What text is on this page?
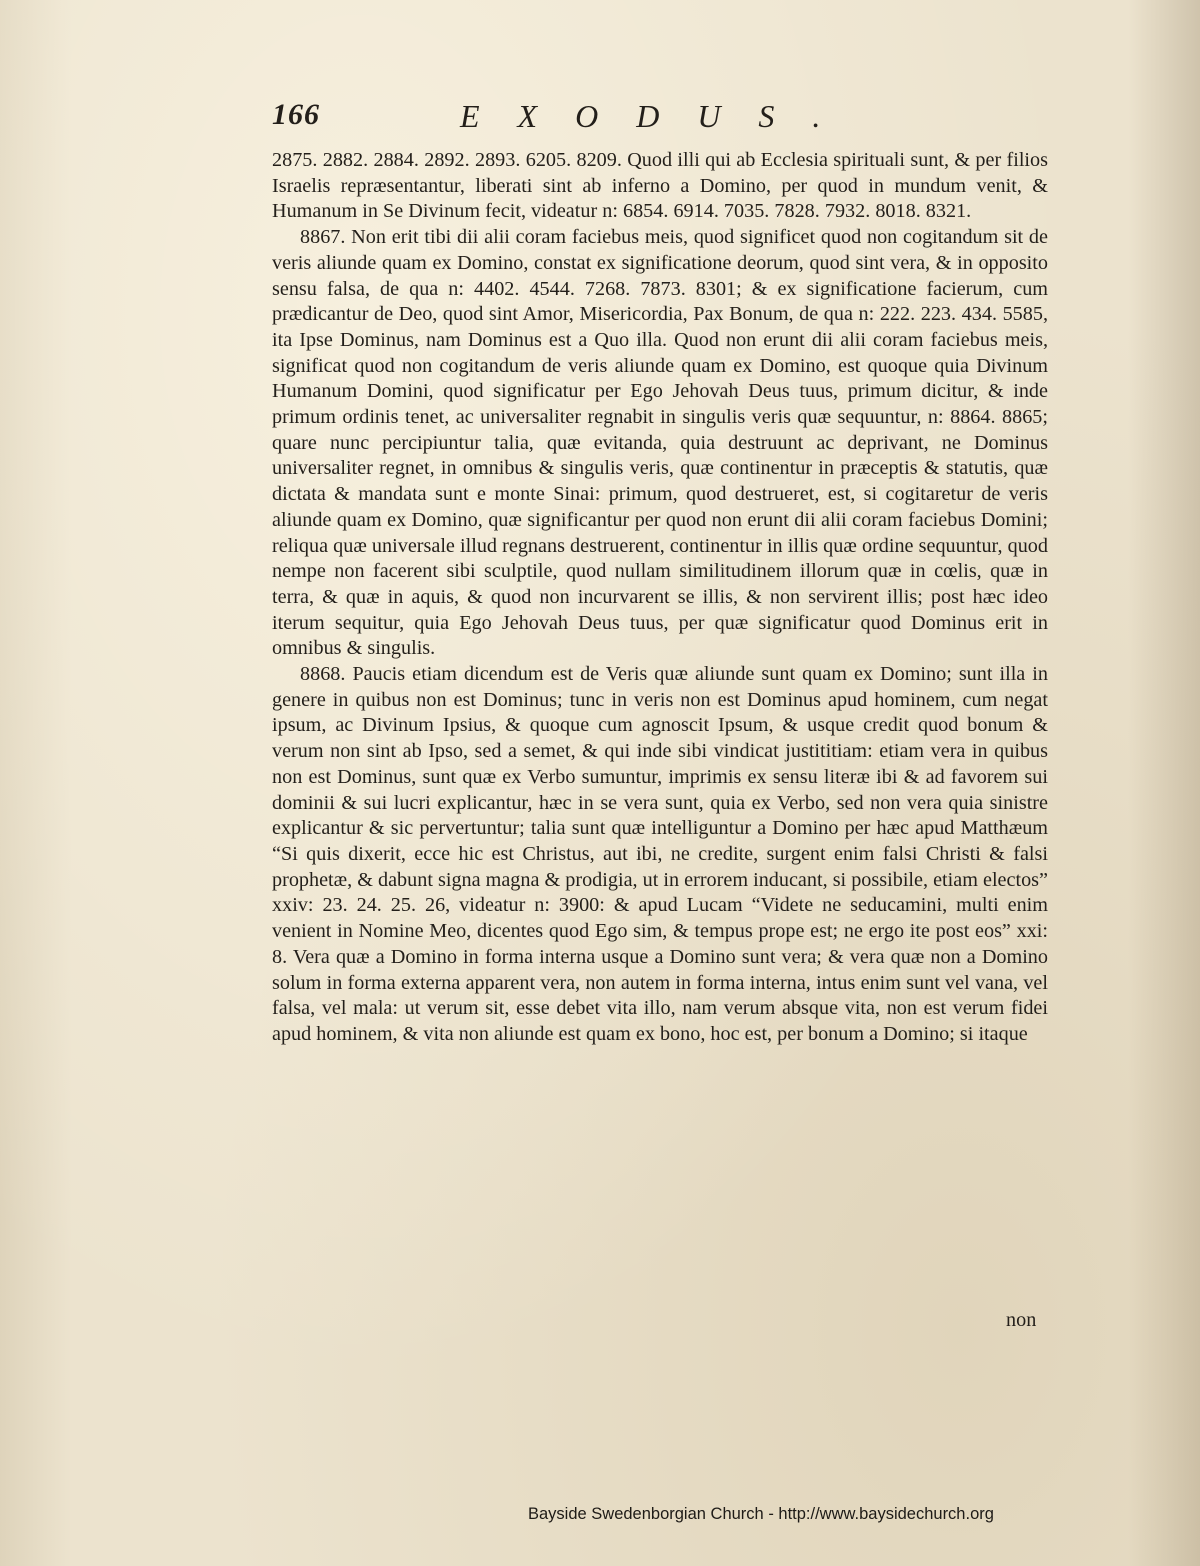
166	EXODUS.

2875. 2882. 2884. 2892. 2893. 6205. 8209. Quod illi qui ab Ecclesia spirituali sunt, & per filios Israelis repræsentantur, liberati sint ab inferno a Domino, per quod in mundum venit, & Humanum in Se Divinum fecit, videatur n: 6854. 6914. 7035. 7828. 7932. 8018. 8321.

8867. Non erit tibi dii alii coram faciebus meis, quod significet quod non cogitandum sit de veris aliunde quam ex Domino, constat ex significatione deorum, quod sint vera, & in opposito sensu falsa, de qua n: 4402. 4544. 7268. 7873. 8301; & ex significatione facierum, cum prædicantur de Deo, quod sint Amor, Misericordia, Pax Bonum, de qua n: 222. 223. 434. 5585, ita Ipse Dominus, nam Dominus est a Quo illa. Quod non erunt dii alii coram faciebus meis, significat quod non cogitandum de veris aliunde quam ex Domino, est quoque quia Divinum Humanum Domini, quod significatur per Ego Jehovah Deus tuus, primum dicitur, & inde primum ordinis tenet, ac universaliter regnabit in singulis veris quæ sequuntur, n: 8864. 8865; quare nunc percipiuntur talia, quæ evitanda, quia destruunt ac deprivant, ne Dominus universaliter regnet, in omnibus & singulis veris, quæ continentur in præceptis & statutis, quæ dictata & mandata sunt e monte Sinai: primum, quod destrueret, est, si cogitaretur de veris aliunde quam ex Domino, quæ significantur per quod non erunt dii alii coram faciebus Domini; reliqua quæ universale illud regnans destruerent, continentur in illis quæ ordine sequuntur, quod nempe non facerent sibi sculptile, quod nullam similitudinem illorum quæ in cœlis, quæ in terra, & quæ in aquis, & quod non incurvarent se illis, & non servirent illis; post hæc ideo iterum sequitur, quia Ego Jehovah Deus tuus, per quæ significatur quod Dominus erit in omnibus & singulis.

8868. Paucis etiam dicendum est de Veris quæ aliunde sunt quam ex Domino; sunt illa in genere in quibus non est Dominus; tunc in veris non est Dominus apud hominem, cum negat ipsum, ac Divinum Ipsius, & quoque cum agnoscit Ipsum, & usque credit quod bonum & verum non sint ab Ipso, sed a semet, & qui inde sibi vindicat justititiam: etiam vera in quibus non est Dominus, sunt quæ ex Verbo sumuntur, imprimis ex sensu literæ ibi & ad favorem sui dominii & sui lucri explicantur, hæc in se vera sunt, quia ex Verbo, sed non vera quia sinistre explicantur & sic pervertuntur; talia sunt quæ intelliguntur a Domino per hæc apud Matthæum “Si quis dixerit, ecce hic est Christus, aut ibi, ne credite, surgent enim falsi Christi & falsi prophetæ, & dabunt signa magna & prodigia, ut in errorem inducant, si possibile, etiam electos” xxiv: 23. 24. 25. 26, videatur n: 3900: & apud Lucam “Videte ne seducamini, multi enim venient in Nomine Meo, dicentes quod Ego sim, & tempus prope est; ne ergo ite post eos” xxi: 8. Vera quæ a Domino in forma interna usque a Domino sunt vera; & vera quæ non a Domino solum in forma externa apparent vera, non autem in forma interna, intus enim sunt vel vana, vel falsa, vel mala: ut verum sit, esse debet vita illo, nam verum absque vita, non est verum fidei apud hominem, & vita non aliunde est quam ex bono, hoc est, per bonum a Domino; si itaque

non
Bayside Swedenborgian Church - http://www.baysidechurch.org
